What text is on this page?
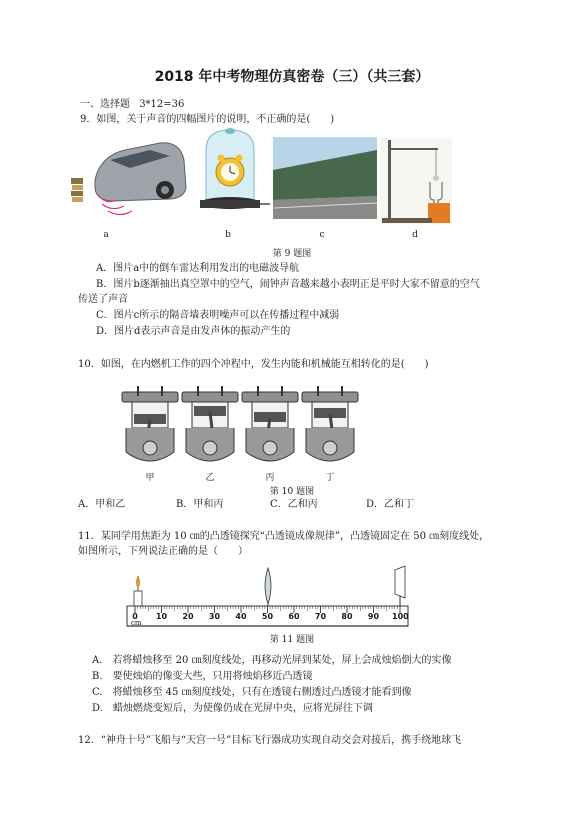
2018 年中考物理仿真密卷（三）（共三套）
一、选择题 3*12=36
9．如图，关于声音的四幅图片的说明，不正确的是(　　)
a	b	c	d
第 9 题图
A．图片a中的倒车雷达利用发出的电磁波导航
B．图片b逐渐抽出真空罩中的空气，闹钟声音越来越小表明正是平时大家不留意的空气
传送了声音
C．图片c所示的隔音墙表明噪声可以在传播过程中减弱
D．图片d表示声音是由发声体的振动产生的
10．如图，在内燃机工作的四个冲程中，发生内能和机械能互相转化的是(　　)
甲	乙	丙	丁
第 10 题图
A．甲和乙	B．甲和丙	C．乙和丙	D．乙和丁
11．某同学用焦距为 10 ㎝的凸透镜探究“凸透镜成像规律”，凸透镜固定在 50 ㎝刻度线处，
如图所示，下列说法正确的是（　　）
cm
0	10	20	30	40	50	60	70	80	90	100
第 11 题图
A.　若将蜡烛移至 20 ㎝刻度线处，再移动光屏到某处，屏上会成烛焰倒大的实像
B.　要使烛焰的像变大些，只用将烛焰移近凸透镜
C.　将蜡烛移至 45 ㎝刻度线处，只有在透镜右侧透过凸透镜才能看到像
D.　蜡烛燃烧变短后，为使像仍成在光屏中央，应将光屏往下调
12．“神舟十号”飞船与“天宫一号”目标飞行器成功实现自动交会对接后，携手绕地球飞
